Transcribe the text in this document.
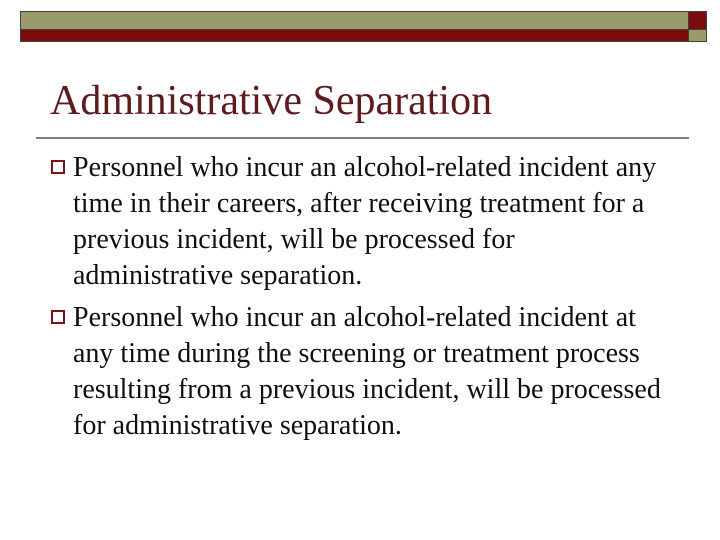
Administrative Separation
Personnel who incur an alcohol-related incident any
time in their careers, after receiving treatment for a
previous incident, will be processed for
administrative separation.
Personnel who incur an alcohol-related incident at
any time during the screening or treatment process
resulting from a previous incident, will be processed
for administrative separation.
